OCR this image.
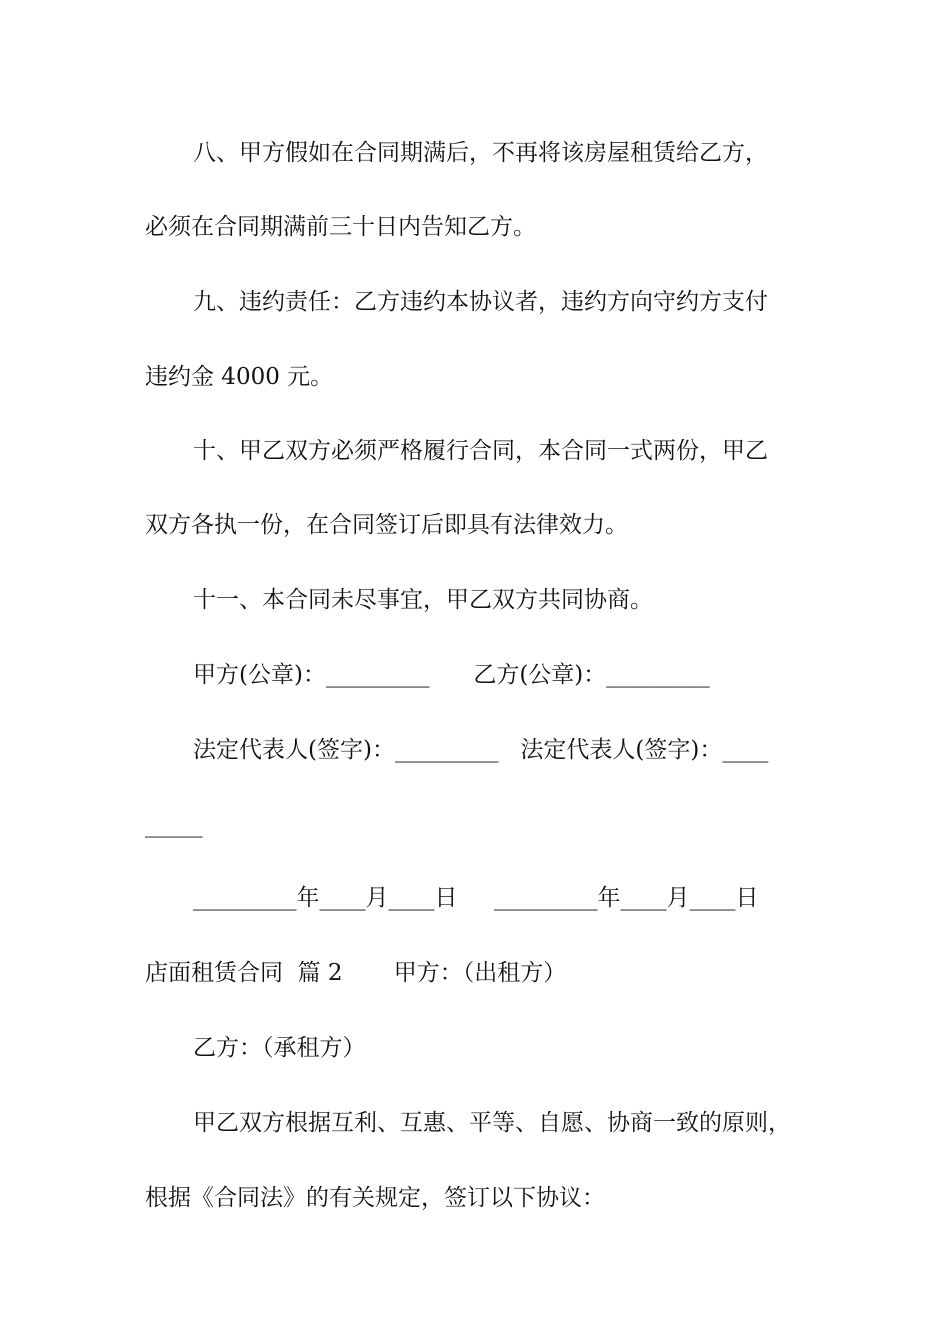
八、甲方假如在合同期满后，不再将该房屋租赁给乙方，
必须在合同期满前三十日内告知乙方。
九、违约责任：乙方违约本协议者，违约方向守约方支付
违约金 4000 元。
十、甲乙双方必须严格履行合同，本合同一式两份，甲乙
双方各执一份，在合同签订后即具有法律效力。
十一、本合同未尽事宜，甲乙双方共同协商。
甲方(公章)：_________      乙方(公章)：_________
法定代表人(签字)：_________   法定代表人(签字)：____
_____
_________年____月____日     _________年____月____日
店面租赁合同  篇 2       甲方：（出租方）
乙方：（承租方）
甲乙双方根据互利、互惠、平等、自愿、协商一致的原则，
根据《合同法》的有关规定，签订以下协议：
